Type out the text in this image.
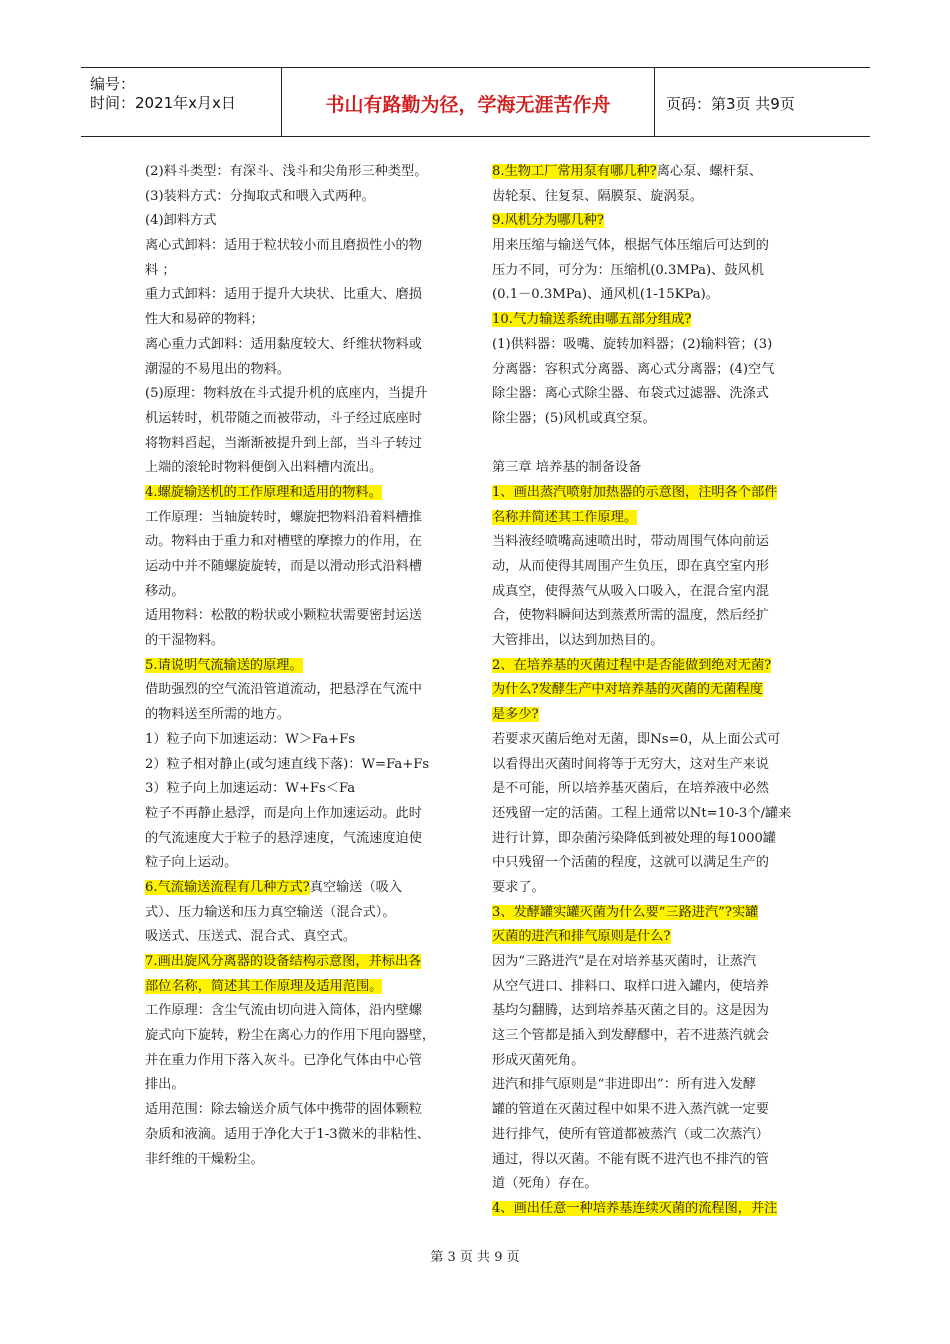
编号：
时间：2021年x月x日	书山有路勤为径，学海无涯苦作舟	页码：第3页 共9页
(2)料斗类型：有深斗、浅斗和尖角形三种类型。
(3)装料方式：分掏取式和喂入式两种。
(4)卸料方式
离心式卸料：适用于粒状较小而且磨损性小的物
料 ；
重力式卸料：适用于提升大块状、比重大、磨损
性大和易碎的物料；
离心重力式卸料：适用黏度较大、纤维状物料或
潮湿的不易甩出的物料。
(5)原理：物料放在斗式提升机的底座内，当提升
机运转时，机带随之而被带动，斗子经过底座时
将物料舀起，当渐渐被提升到上部，当斗子转过
上端的滚轮时物料便倒入出料槽内流出。
4.螺旋输送机的工作原理和适用的物料。
工作原理：当轴旋转时，螺旋把物料沿着料槽推
动。物料由于重力和对槽壁的摩擦力的作用，在
运动中并不随螺旋旋转，而是以滑动形式沿料槽
移动。
适用物料：松散的粉状或小颗粒状需要密封运送
的干湿物料。
5.请说明气流输送的原理。
借助强烈的空气流沿管道流动，把悬浮在气流中
的物料送至所需的地方。
1）粒子向下加速运动：W＞Fa+Fs
2）粒子相对静止(或匀速直线下落)：W=Fa+Fs
3）粒子向上加速运动：W+Fs＜Fa
粒子不再静止悬浮，而是向上作加速运动。此时
的气流速度大于粒子的悬浮速度，气流速度迫使
粒子向上运动。
6.气流输送流程有几种方式?真空输送（吸入
式）、压力输送和压力真空输送（混合式）。
吸送式、压送式、混合式、真空式。
7.画出旋风分离器的设备结构示意图，并标出各
部位名称，简述其工作原理及适用范围。
工作原理：含尘气流由切向进入筒体，沿内壁螺
旋式向下旋转，粉尘在离心力的作用下甩向器壁，
并在重力作用下落入灰斗。已净化气体由中心管
排出。
适用范围：除去输送介质气体中携带的固体颗粒
杂质和液滴。适用于净化大于1-3微米的非粘性、
非纤维的干燥粉尘。
8.生物工厂常用泵有哪几种?离心泵、螺杆泵、
齿轮泵、往复泵、隔膜泵、旋涡泵。
9.风机分为哪几种?
用来压缩与输送气体，根据气体压缩后可达到的
压力不同，可分为：压缩机(0.3MPa)、鼓风机
(0.1－0.3MPa)、通风机(1-15KPa)。
10.气力输送系统由哪五部分组成?
(1)供料器：吸嘴、旋转加料器；(2)输料管；(3)
分离器：容积式分离器、离心式分离器；(4)空气
除尘器：离心式除尘器、布袋式过滤器、洗涤式
除尘器；(5)风机或真空泵。
第三章 培养基的制备设备
1、画出蒸汽喷射加热器的示意图，注明各个部件
名称并简述其工作原理。
当料液经喷嘴高速喷出时，带动周围气体向前运
动，从而使得其周围产生负压，即在真空室内形
成真空，使得蒸气从吸入口吸入，在混合室内混
合，使物料瞬间达到蒸煮所需的温度，然后经扩
大管排出，以达到加热目的。
2、在培养基的灭菌过程中是否能做到绝对无菌?
为什么?发酵生产中对培养基的灭菌的无菌程度
是多少?
若要求灭菌后绝对无菌，即Ns=0，从上面公式可
以看得出灭菌时间将等于无穷大，这对生产来说
是不可能，所以培养基灭菌后，在培养液中必然
还残留一定的活菌。工程上通常以Nt=10-3个/罐来
进行计算，即杂菌污染降低到被处理的每1000罐
中只残留一个活菌的程度，这就可以满足生产的
要求了。
3、发酵罐实罐灭菌为什么要“三路进汽”?实罐
灭菌的进汽和排气原则是什么?
因为“三路进汽”是在对培养基灭菌时，让蒸汽
从空气进口、排料口、取样口进入罐内，使培养
基均匀翻腾，达到培养基灭菌之目的。这是因为
这三个管都是插入到发酵醪中，若不进蒸汽就会
形成灭菌死角。
进汽和排气原则是“非进即出”：所有进入发酵
罐的管道在灭菌过程中如果不进入蒸汽就一定要
进行排气，使所有管道都被蒸汽（或二次蒸汽）
通过，得以灭菌。不能有既不进汽也不排汽的管
道（死角）存在。
4、画出任意一种培养基连续灭菌的流程图，并注
第 3 页 共 9 页
